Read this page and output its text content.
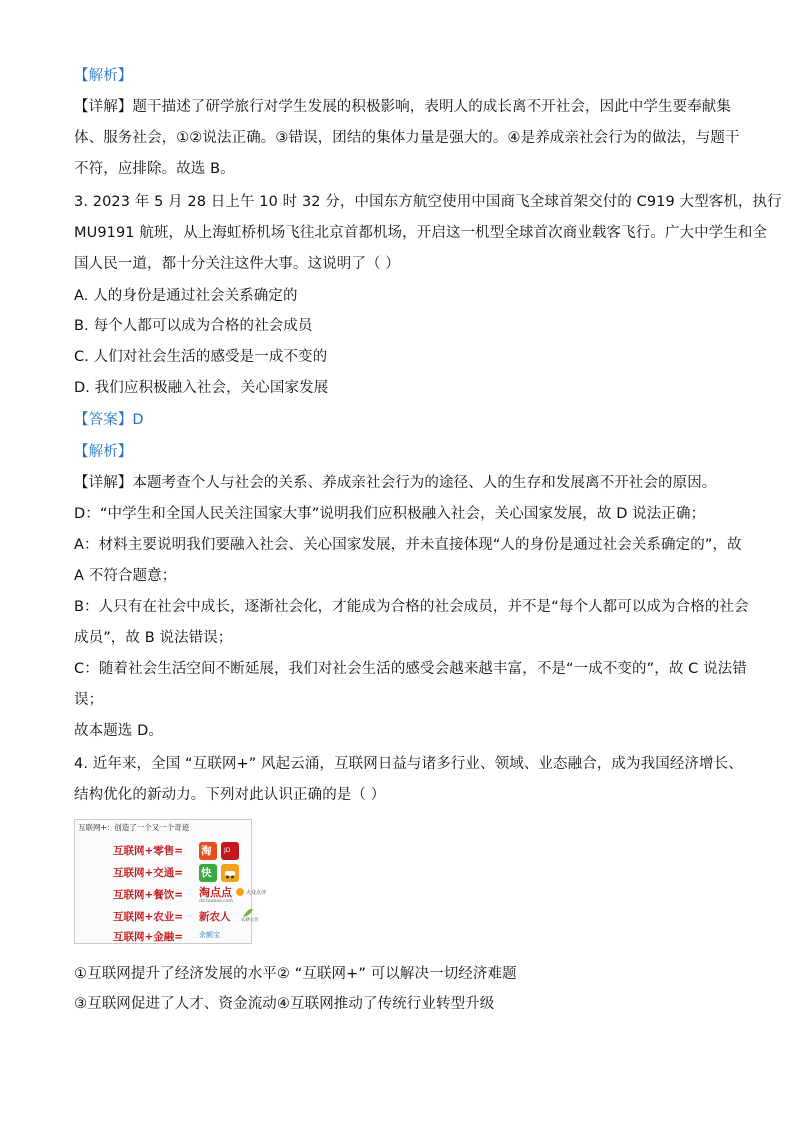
【解析】
【详解】题干描述了研学旅行对学生发展的积极影响，表明人的成长离不开社会，因此中学生要奉献集
体、服务社会，①②说法正确。③错误，团结的集体力量是强大的。④是养成亲社会行为的做法，与题干
不符，应排除。故选 B。
3. 2023 年 5 月 28 日上午 10 时 32 分，中国东方航空使用中国商飞全球首架交付的 C919 大型客机，执行
MU9191 航班，从上海虹桥机场飞往北京首都机场，开启这一机型全球首次商业载客飞行。广大中学生和全
国人民一道，都十分关注这件大事。这说明了（ ）
A. 人的身份是通过社会关系确定的
B. 每个人都可以成为合格的社会成员
C. 人们对社会生活的感受是一成不变的
D. 我们应积极融入社会，关心国家发展
【答案】D
【解析】
【详解】本题考查个人与社会的关系、养成亲社会行为的途径、人的生存和发展离不开社会的原因。
D：“中学生和全国人民关注国家大事”说明我们应积极融入社会，关心国家发展，故 D 说法正确；
A：材料主要说明我们要融入社会、关心国家发展，并未直接体现“人的身份是通过社会关系确定的”，故
A 不符合题意；
B：人只有在社会中成长，逐渐社会化，才能成为合格的社会成员，并不是“每个人都可以成为合格的社会
成员”，故 B 说法错误；
C：随着社会生活空间不断延展，我们对社会生活的感受会越来越丰富，不是“一成不变的”，故 C 说法错
误；
故本题选 D。
4. 近年来，全国 “互联网+” 风起云涌，互联网日益与诸多行业、领域、业态融合，成为我国经济增长、
结构优化的新动力。下列对此认识正确的是（ ）
互联网+：创造了一个又一个奇迹
互联网+零售= 淘 JD
互联网+交通= 快
互联网+餐饮= 淘点点
dd.taobao.com
大众点评
互联网+农业= 新农人 农耕文化
互联网+金融= 余额宝
①互联网提升了经济发展的水平② “互联网+” 可以解决一切经济难题
③互联网促进了人才、资金流动④互联网推动了传统行业转型升级
